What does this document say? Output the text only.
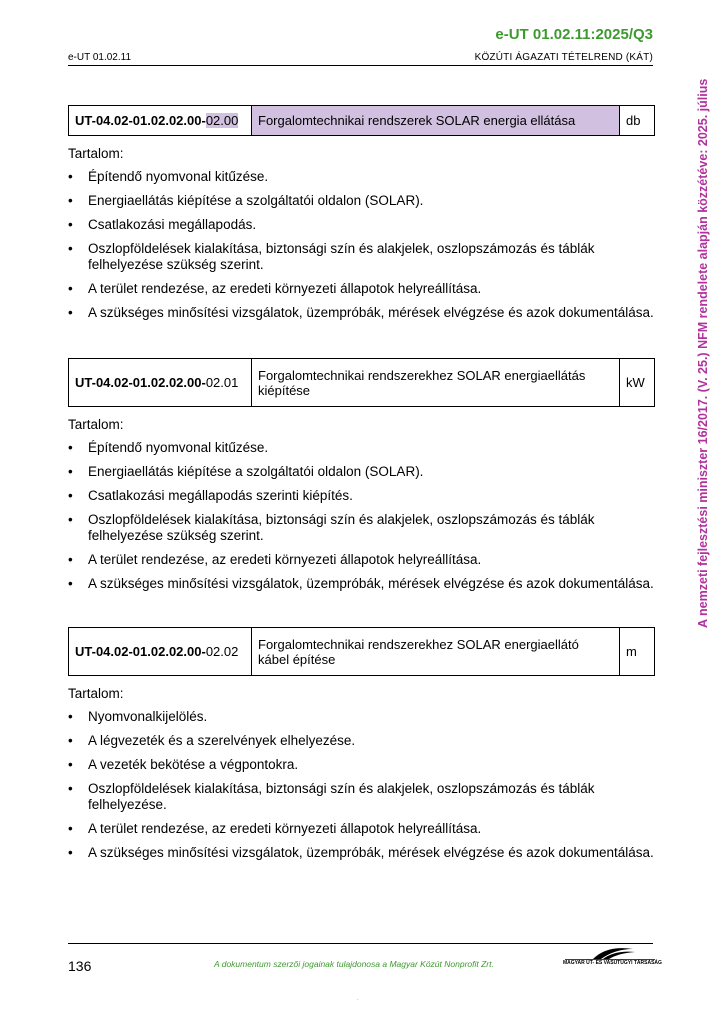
e-UT 01.02.11:2025/Q3
e-UT 01.02.11	KÖZÚTI ÁGAZATI TÉTELREND (KÁT)
A nemzeti fejlesztési miniszter 16/2017. (V. 25.) NFM rendelete alapján közzétéve: 2025. július
UT-04.02-01.02.02.00-02.00	Forgalomtechnikai rendszerek SOLAR energia ellátása	db
Tartalom:
• Építendő nyomvonal kitűzése.
• Energiaellátás kiépítése a szolgáltatói oldalon (SOLAR).
• Csatlakozási megállapodás.
• Oszlopföldelések kialakítása, biztonsági szín és alakjelek, oszlopszámozás és táblák felhelyezése szükség szerint.
• A terület rendezése, az eredeti környezeti állapotok helyreállítása.
• A szükséges minősítési vizsgálatok, üzempróbák, mérések elvégzése és azok dokumentálása.
UT-04.02-01.02.02.00-02.01	Forgalomtechnikai rendszerekhez SOLAR energiaellátás kiépítése	kW
Tartalom:
• Építendő nyomvonal kitűzése.
• Energiaellátás kiépítése a szolgáltatói oldalon (SOLAR).
• Csatlakozási megállapodás szerinti kiépítés.
• Oszlopföldelések kialakítása, biztonsági szín és alakjelek, oszlopszámozás és táblák felhelyezése szükség szerint.
• A terület rendezése, az eredeti környezeti állapotok helyreállítása.
• A szükséges minősítési vizsgálatok, üzempróbák, mérések elvégzése és azok dokumentálása.
UT-04.02-01.02.02.00-02.02	Forgalomtechnikai rendszerekhez SOLAR energiaellátó kábel építése	m
Tartalom:
• Nyomvonalkijelölés.
• A légvezeték és a szerelvények elhelyezése.
• A vezeték bekötése a végpontokra.
• Oszlopföldelések kialakítása, biztonsági szín és alakjelek, oszlopszámozás és táblák felhelyezése.
• A terület rendezése, az eredeti környezeti állapotok helyreállítása.
• A szükséges minősítési vizsgálatok, üzempróbák, mérések elvégzése és azok dokumentálása.
136	A dokumentum szerzői jogainak tulajdonosa a Magyar Közút Nonprofit Zrt.	MAGYAR ÚT- ÉS VASÚTÜGYI TÁRSASÁG
.
